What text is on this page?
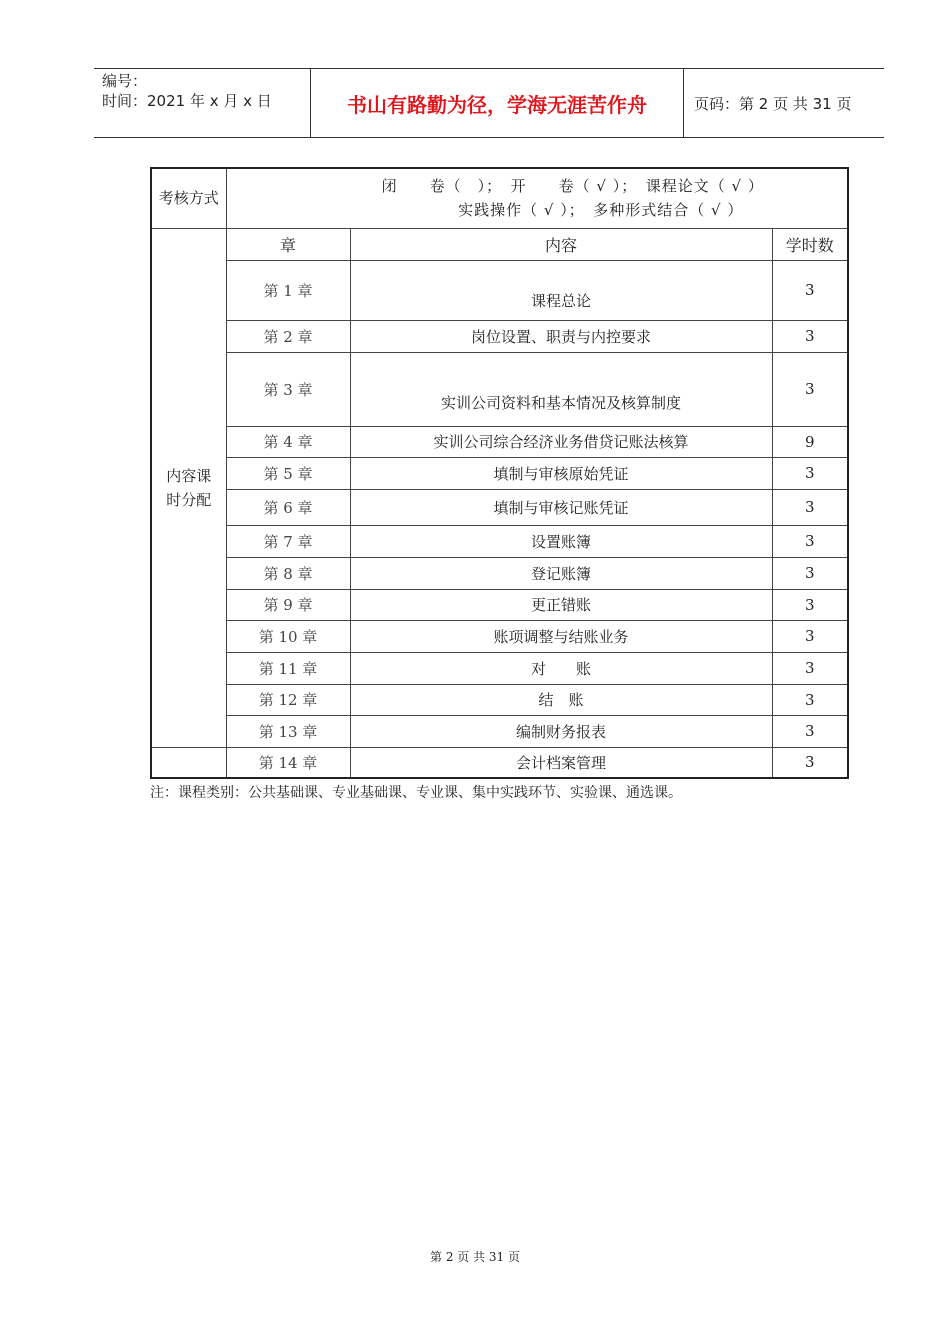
编号：
时间：2021 年 x 月 x 日	书山有路勤为径，学海无涯苦作舟	页码：第 2 页 共 31 页
考核方式	闭　　卷（　）；　开　　卷（ √ ）；　课程论文（ √ ）
实践操作（ √ ）；　多种形式结合（ √ ）		

内容课时分配	章	内容	学时数
	第 1 章	课程总论	3
	第 2 章	岗位设置、职责与内控要求	3
	第 3 章	实训公司资料和基本情况及核算制度	3
	第 4 章	实训公司综合经济业务借贷记账法核算	9
	第 5 章	填制与审核原始凭证	3
	第 6 章	填制与审核记账凭证	3
	第 7 章	设置账簿	3
	第 8 章	登记账簿	3
	第 9 章	更正错账	3
	第 10 章	账项调整与结账业务	3
	第 11 章	对　　账	3
	第 12 章	结　账	3
	第 13 章	编制财务报表	3
	第 14 章	会计档案管理	3
注：课程类别：公共基础课、专业基础课、专业课、集中实践环节、实验课、通选课。
第 2 页 共 31 页
